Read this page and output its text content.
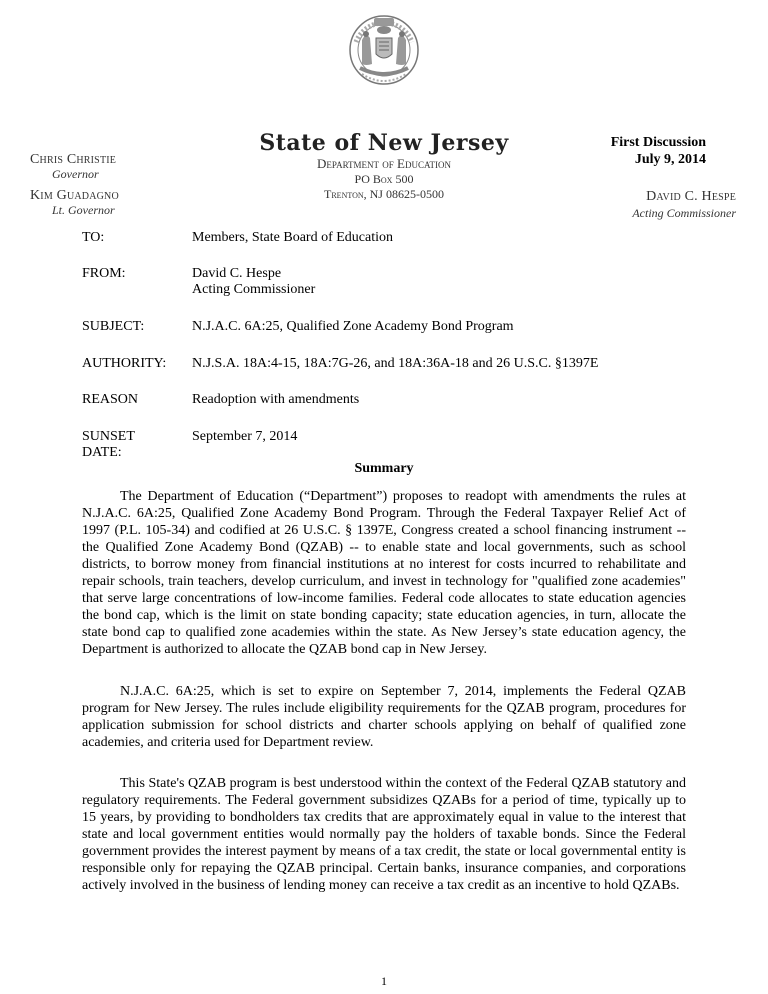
Chris Christie
Governor
Kim Guadagno
Lt. Governor
State of New Jersey
Department of Education
PO Box 500
Trenton, NJ 08625-0500
First Discussion
July 9, 2014
David C. Hespe
Acting Commissioner
TO:	Members, State Board of Education
FROM:	David C. Hespe
Acting Commissioner
SUBJECT:	N.J.A.C. 6A:25, Qualified Zone Academy Bond Program
AUTHORITY: N.J.S.A. 18A:4-15, 18A:7G-26, and 18A:36A-18 and 26 U.S.C. §1397E
REASON	Readoption with amendments
SUNSET DATE:
September 7, 2014
Summary

The Department of Education (“Department”) proposes to readopt with amendments the rules at N.J.A.C. 6A:25, Qualified Zone Academy Bond Program. Through the Federal Taxpayer Relief Act of 1997 (P.L. 105-34) and codified at 26 U.S.C. § 1397E, Congress created a school financing instrument -- the Qualified Zone Academy Bond (QZAB) -- to enable state and local governments, such as school districts, to borrow money from financial institutions at no interest for costs incurred to rehabilitate and repair schools, train teachers, develop curriculum, and invest in technology for "qualified zone academies" that serve large concentrations of low-income families. Federal code allocates to state education agencies the bond cap, which is the limit on state bonding capacity; state education agencies, in turn, allocate the state bond cap to qualified zone academies within the state. As New Jersey’s state education agency, the Department is authorized to allocate the QZAB bond cap in New Jersey.

N.J.A.C. 6A:25, which is set to expire on September 7, 2014, implements the Federal QZAB program for New Jersey. The rules include eligibility requirements for the QZAB program, procedures for application submission for school districts and charter schools applying on behalf of qualified zone academies, and criteria used for Department review.

This State's QZAB program is best understood within the context of the Federal QZAB statutory and regulatory requirements. The Federal government subsidizes QZABs for a period of time, typically up to 15 years, by providing to bondholders tax credits that are approximately equal in value to the interest that state and local government entities would normally pay the holders of taxable bonds. Since the Federal government provides the interest payment by means of a tax credit, the state or local governmental entity is responsible only for repaying the QZAB principal. Certain banks, insurance companies, and corporations actively involved in the business of lending money can receive a tax credit as an incentive to hold QZABs.

1
